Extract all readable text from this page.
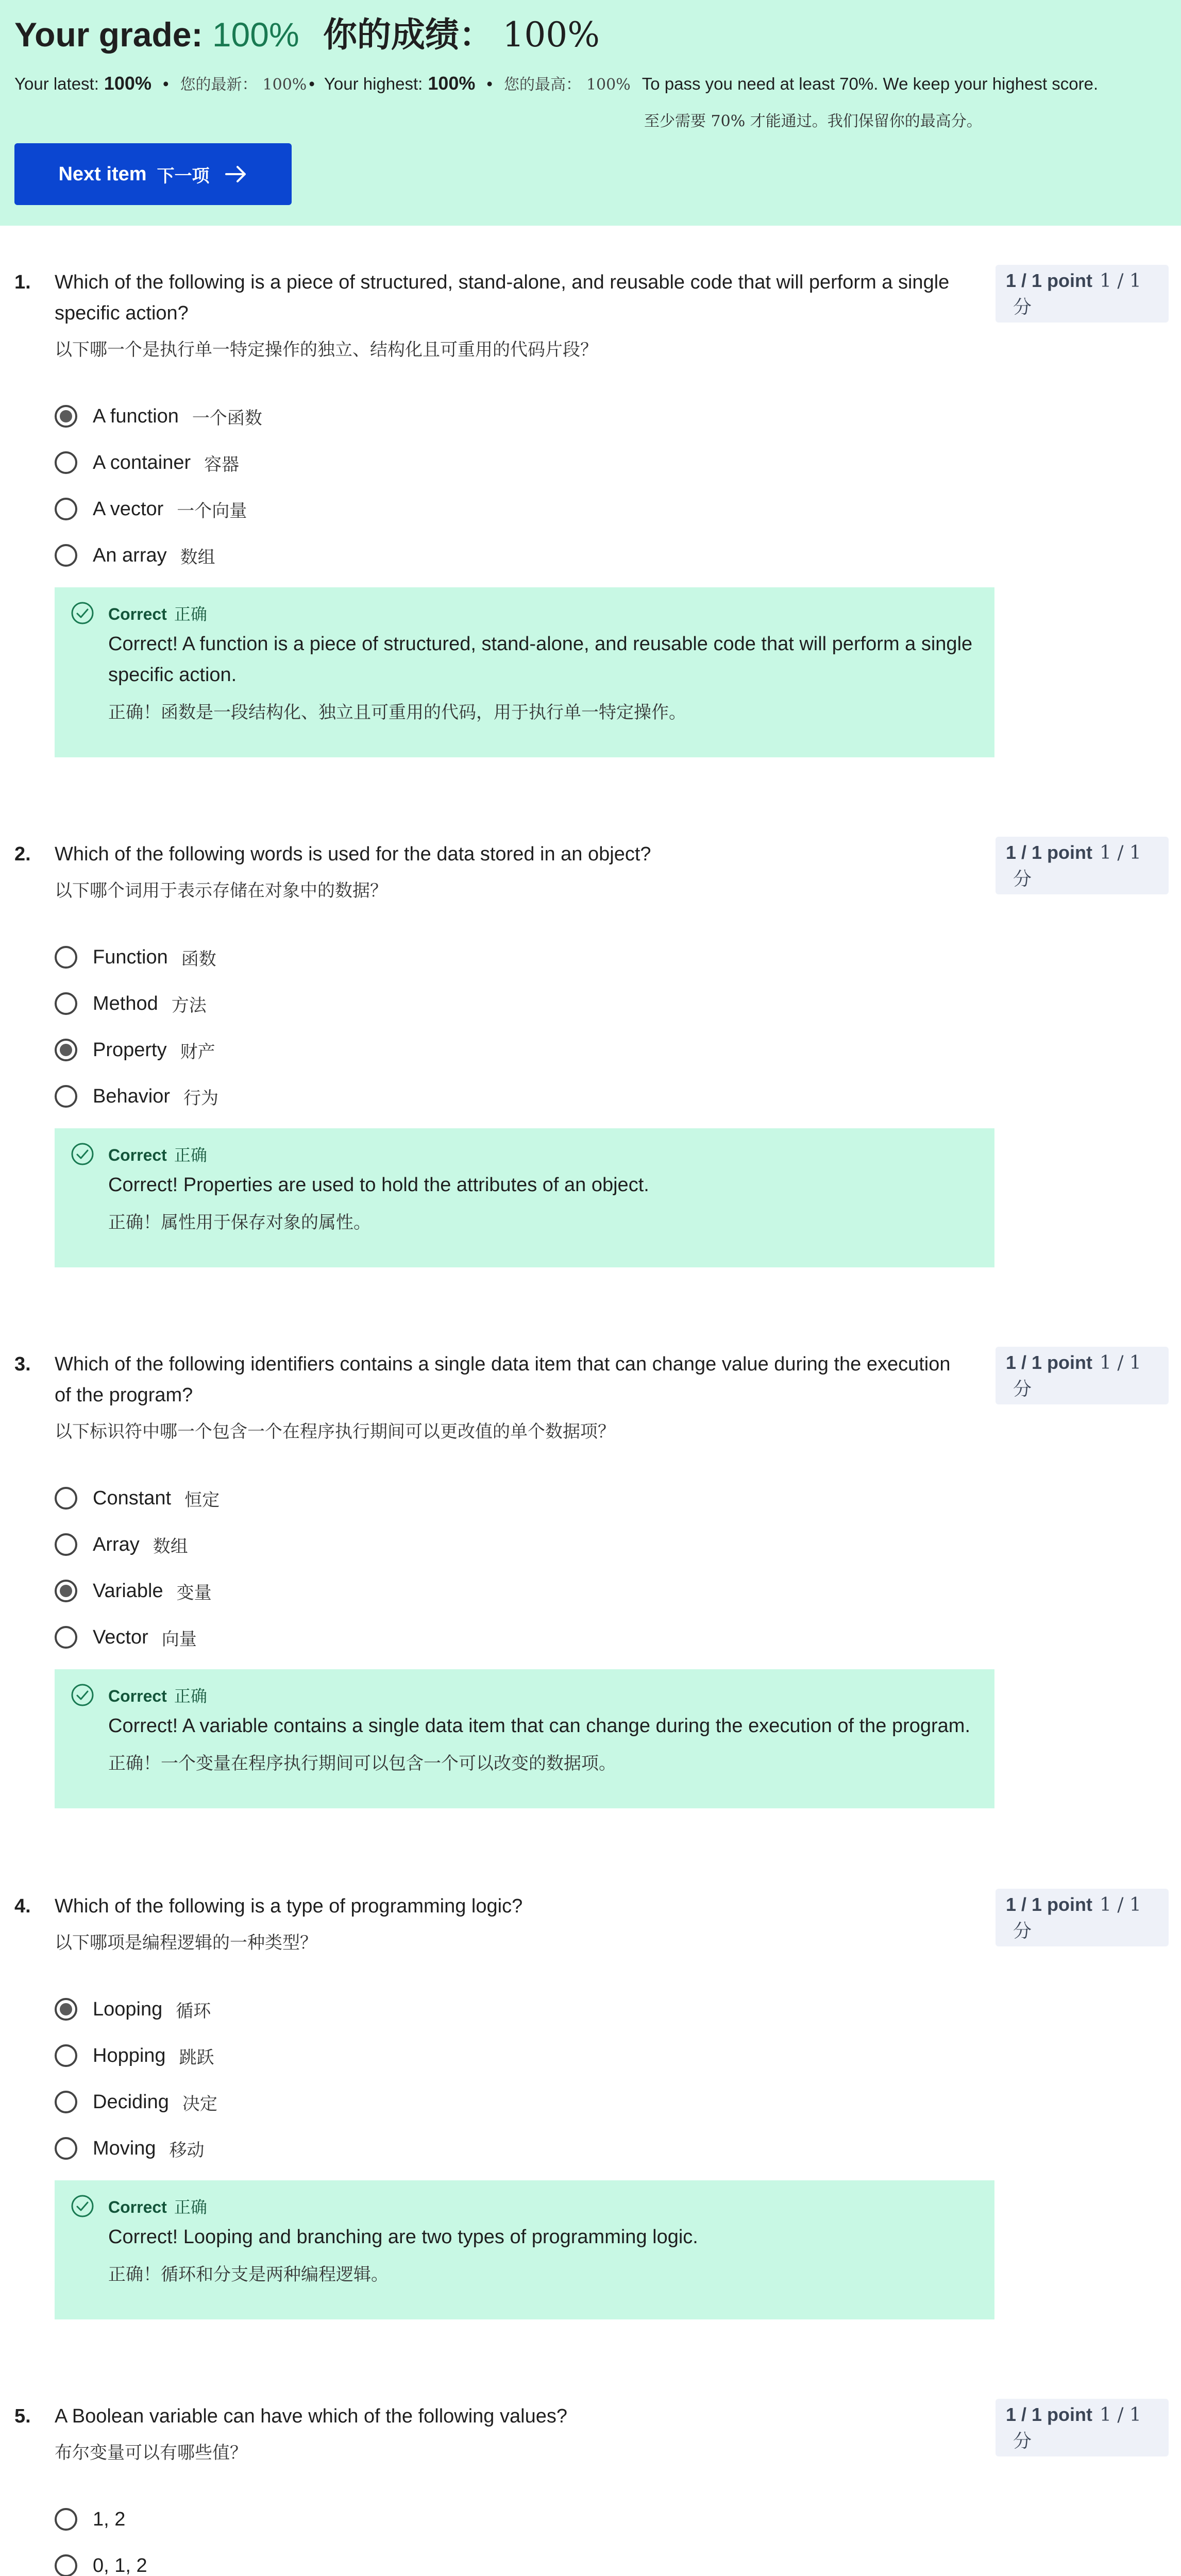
Your grade: 100% 你的成绩： 100%
Your latest: 100% • 您的最新： 100% • Your highest: 100% • 您的最高： 100% To pass you need at least 70%. We keep your highest score.
至少需要 70% 才能通过。我们保留你的最高分。
Next item 下一项
1. Which of the following is a piece of structured, stand-alone, and reusable code that will perform a single specific action?
以下哪一个是执行单一特定操作的独立、结构化且可重用的代码片段？
1 / 1 point 1 / 1
分
A function 一个函数
A container 容器
A vector 一个向量
An array 数组
Correct 正确
Correct! A function is a piece of structured, stand-alone, and reusable code that will perform a single specific action.
正确！函数是一段结构化、独立且可重用的代码，用于执行单一特定操作。
2. Which of the following words is used for the data stored in an object?
以下哪个词用于表示存储在对象中的数据？
1 / 1 point 1 / 1
分
Function 函数
Method 方法
Property 财产
Behavior 行为
Correct 正确
Correct! Properties are used to hold the attributes of an object.
正确！属性用于保存对象的属性。
3. Which of the following identifiers contains a single data item that can change value during the execution of the program?
以下标识符中哪一个包含一个在程序执行期间可以更改值的单个数据项？
1 / 1 point 1 / 1
分
Constant 恒定
Array 数组
Variable 变量
Vector 向量
Correct 正确
Correct! A variable contains a single data item that can change during the execution of the program.
正确！一个变量在程序执行期间可以包含一个可以改变的数据项。
4. Which of the following is a type of programming logic?
以下哪项是编程逻辑的一种类型？
1 / 1 point 1 / 1
分
Looping 循环
Hopping 跳跃
Deciding 决定
Moving 移动
Correct 正确
Correct! Looping and branching are two types of programming logic.
正确！循环和分支是两种编程逻辑。
5. A Boolean variable can have which of the following values?
布尔变量可以有哪些值？
1 / 1 point 1 / 1
分
1, 2
0, 1, 2
